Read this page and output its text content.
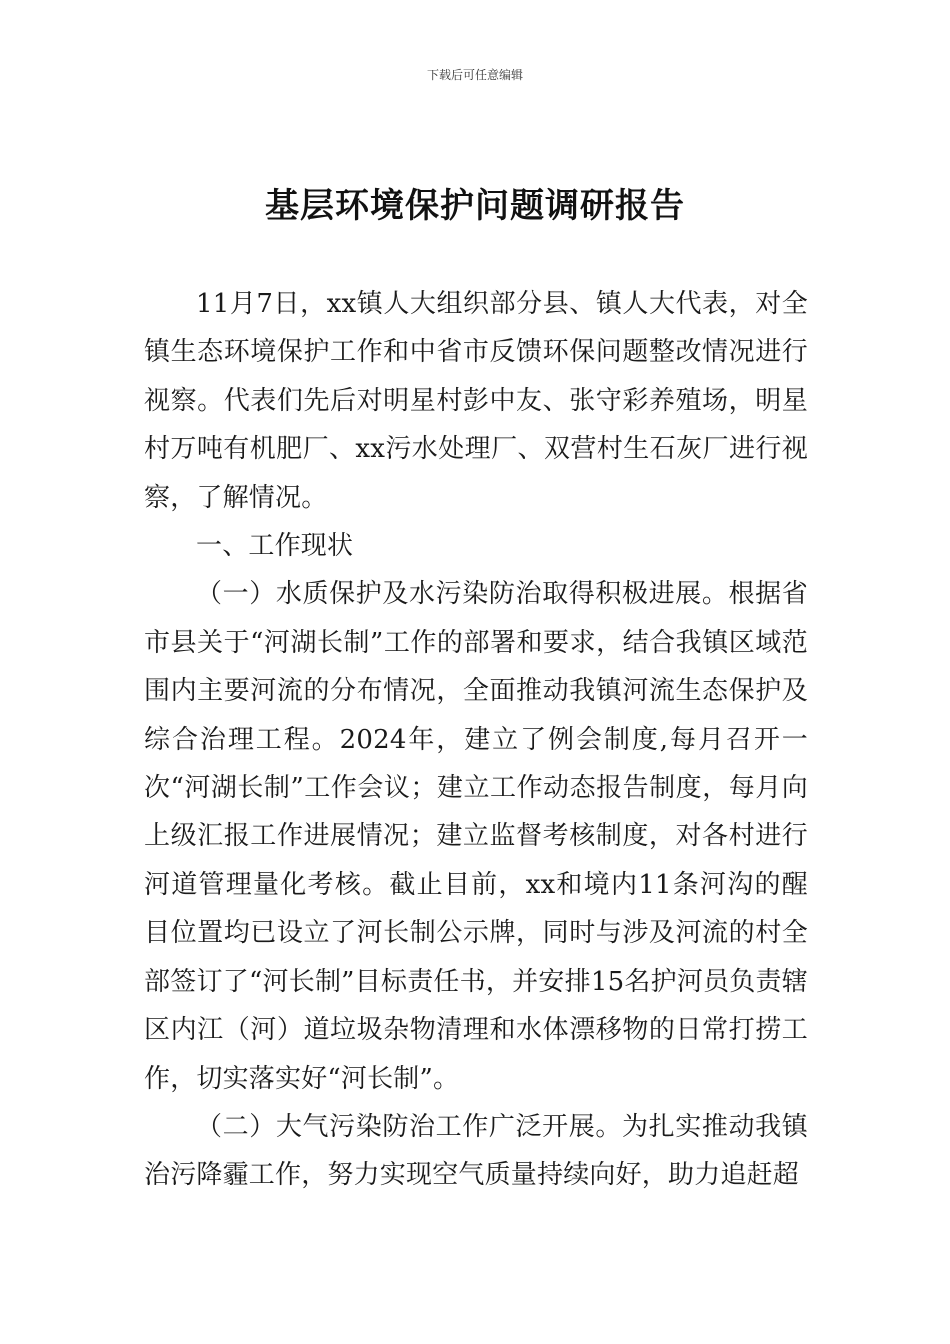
下载后可任意编辑
基层环境保护问题调研报告

11月7日，xx镇人大组织部分县、镇人大代表，对全镇生态环境保护工作和中省市反馈环保问题整改情况进行视察。代表们先后对明星村彭中友、张守彩养殖场，明星村万吨有机肥厂、xx污水处理厂、双营村生石灰厂进行视察，了解情况。

一、工作现状

（一）水质保护及水污染防治取得积极进展。根据省市县关于“河湖长制”工作的部署和要求，结合我镇区域范围内主要河流的分布情况，全面推动我镇河流生态保护及综合治理工程。2024年，建立了例会制度,每月召开一次“河湖长制”工作会议；建立工作动态报告制度，每月向上级汇报工作进展情况；建立监督考核制度，对各村进行河道管理量化考核。截止目前，xx和境内11条河沟的醒目位置均已设立了河长制公示牌，同时与涉及河流的村全部签订了“河长制”目标责任书，并安排15名护河员负责辖区内江（河）道垃圾杂物清理和水体漂移物的日常打捞工作，切实落实好“河长制”。

（二）大气污染防治工作广泛开展。为扎实推动我镇治污降霾工作，努力实现空气质量持续向好，助力追赶超
